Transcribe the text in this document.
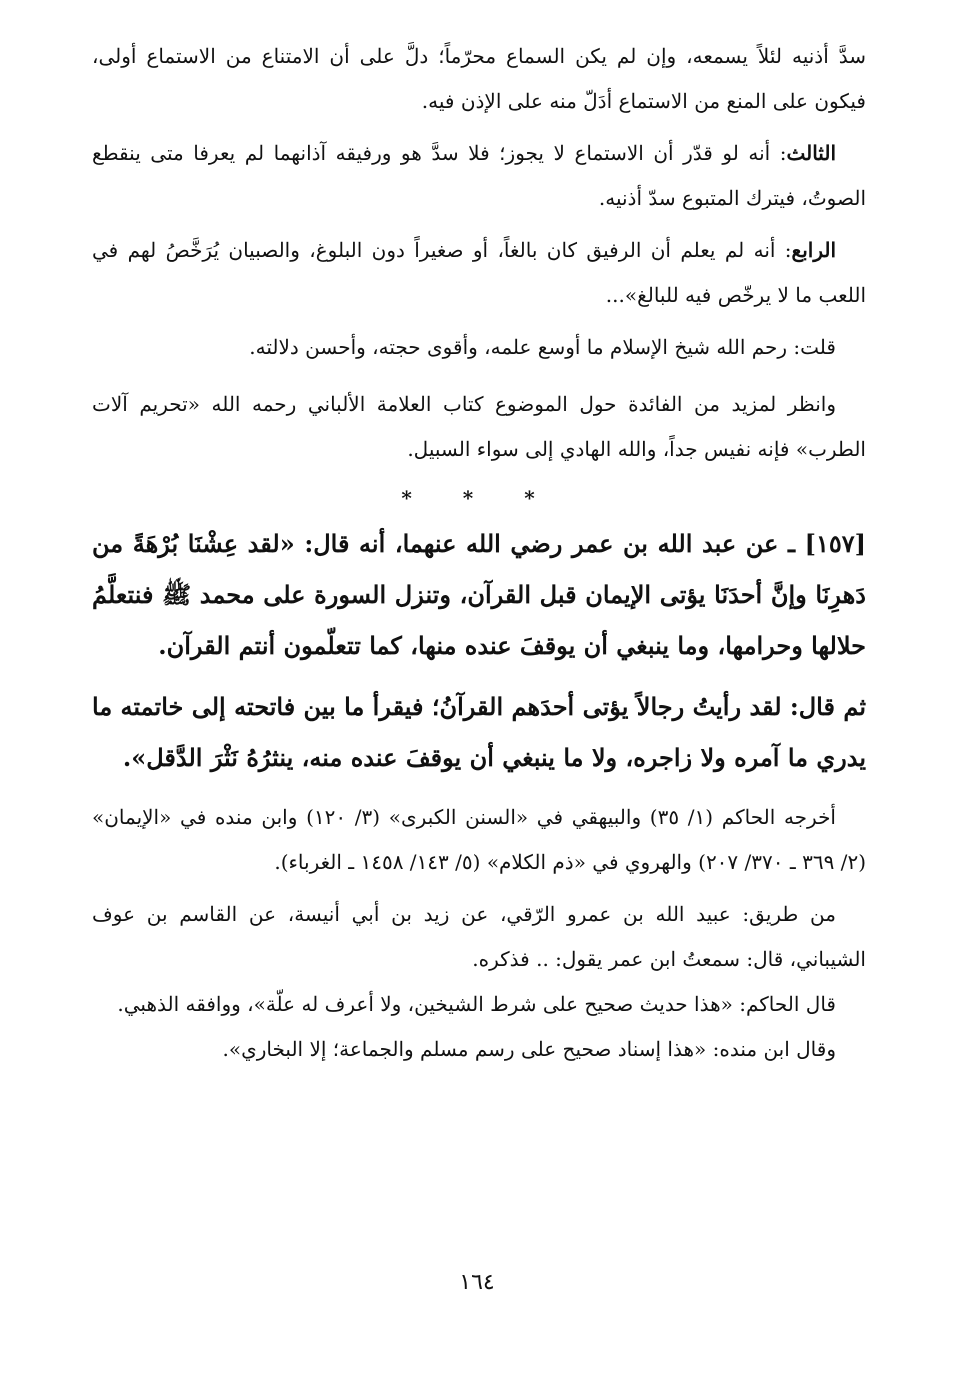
سدَّ أذنيه لئلاً يسمعه، وإن لم يكن السماع محرّماً؛ دلَّ على أن الامتناع من الاستماع أولى، فيكون على المنع من الاستماع أدَلّ منه على الإذن فيه.

الثالث: أنه لو قدّر أن الاستماع لا يجوز؛ فلا سدَّ هو ورفيقه آذانهما لم يعرفا متى ينقطع الصوتُ، فيترك المتبوع سدّ أذنيه.

الرابع: أنه لم يعلم أن الرفيق كان بالغاً، أو صغيراً دون البلوغ، والصبيان يُرَخَّصُ لهم في اللعب ما لا يرخّص فيه للبالغ»...

قلت: رحم الله شيخ الإسلام ما أوسع علمه، وأقوى حجته، وأحسن دلالته.

وانظر لمزيد من الفائدة حول الموضوع كتاب العلامة الألباني رحمه الله «تحريم آلات الطرب» فإنه نفيس جداً، والله الهادي إلى سواء السبيل.

* * *

[١٥٧] ـ عن عبد الله بن عمر رضي الله عنهما، أنه قال: «لقد عِشْنَا بُرْهَةً من دَهرِنَا وإنَّ أحدَنَا يؤتى الإيمان قبل القرآن، وتنزل السورة على محمد ﷺ فنتعلَّمُ حلالها وحرامها، وما ينبغي أن يوقفَ عنده منها، كما تتعلّمون أنتم القرآن.

ثم قال: لقد رأيتُ رجالاً يؤتى أحدَهم القرآنُ؛ فيقرأ ما بين فاتحته إلى خاتمته ما يدري ما آمره ولا زاجره، ولا ما ينبغي أن يوقفَ عنده منه، ينثرُهُ نَثْرَ الدَّقل».

أخرجه الحاكم (١/ ٣٥) والبيهقي في «السنن الكبرى» (٣/ ١٢٠) وابن منده في «الإيمان» (٢/ ٣٦٩ ـ ٣٧٠/ ٢٠٧) والهروي في «ذم الكلام» (٥/ ١٤٣/ ١٤٥٨ ـ الغرباء).

من طريق: عبيد الله بن عمرو الرّقي، عن زيد بن أبي أنيسة، عن القاسم بن عوف الشيباني، قال: سمعتُ ابن عمر يقول: .. فذكره.

قال الحاكم: «هذا حديث صحيح على شرط الشيخين، ولا أعرف له علّة»، ووافقه الذهبي.

وقال ابن منده: «هذا إسناد صحيح على رسم مسلم والجماعة؛ إلا البخاري».

١٦٤
